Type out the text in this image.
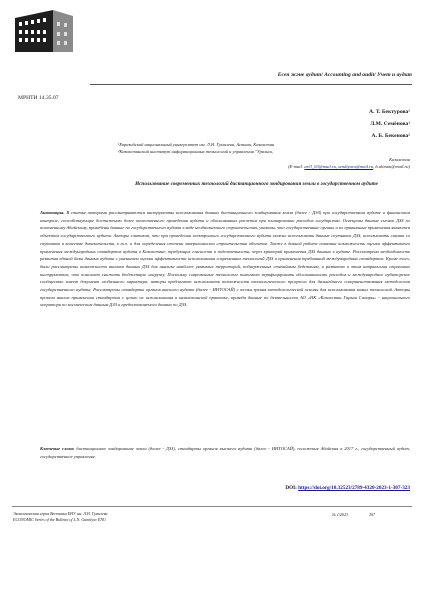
Есеп және аудит/ Accounting and audit/ Учет и аудит
МРНТИ 14.35.07
А. Т. Бектурова¹
Л.М. Семёнова¹
А. Б. Бекенова²
¹Евразийский национальный университет им. Л.Н. Гумилева, Астана, Казахстан
²Казахстанский институт информационных технологий и управления "Уральск,
Казахстан
(E-mail: ari3_03@mail.ru, sendiyara@mail.ru, b.aliman@mail.ru)
Использование современных технологий дистанционного зондирования земли в государственном аудите
Аннотация. В статье авторами рассматриваются инструменты использования данных дистанционного зондирования земли (далее - ДЗЗ) при государственном аудите и финансовом контроле, способствующие достижению более качественного проведения аудита и обоснованных расчетов при планировании расходов государства. Освещены данные съемок ДЗЗ по погашенному Абайскому, приведены данные по государственного аудита в виде неоднозначного строительства, указаны, что государственные органы и их правильные применения являются объектом государственного аудита. Авторы считают, что при проведении электронного государственного аудита можно использовать данные спутников ДЗЗ, использовать снимки со спутников в качестве доказательств, в т.ч. и для определения степени завершенности строительства объектов. Также в данной работе показана возможность оценки эффективного применения международных стандартов аудита в Казахстане, требующих гласности и подотчетности, через критерий применения ДЗЗ данных в аудите. Рассмотрена необходимость развития единой базы данных аудита с указанием оценки эффективности использования современных технологий ДЗЗ и применения требований международных стандартов. Кроме того, были рассмотрены возможности анализа данных ДЗЗ для анализа наиболее уязвимых территорий, подверженных стихийным бедствиям, и развитию в этом направлении страховых инструментов, что помогает снижать бюджетную нагрузку. Поскольку современные технологии помогают верифицировать обоснованность расходов и международное аудиторское сообщество имеет документ глобального характера, авторы предлагают использовать возможности технологического прогресса для дальнейшего совершенствования методологии государственного аудита. Рассмотрены стандарты органов высшего аудита (далее - ИНТОСАЙ) с точки зрения методологической основы для использования новых технологий. Авторы провели анализ применения стандартов с целью их использования в казахстанской практике, приведя данные по деятельности АО «НК «Казахстан Гарыш Сапары» - национального оператора по космическим данным ДЗЗ и предоставляемого данных по ДЗЗ.
Ключевые слова: дистанционное зондирование земли (далее - ДЗЗ), стандарты органов высшего аудита (далее - ИНТОСАЙ), положения Абайская в 2017 г., государственный аудит, государственное управление.
DOI: https://doi.org/10.32523/2789-4320-2023-1-307-323
Экономическая серия Вестника ЕНУ им. Л.Н. Гумилева
ECONOMIC Series of the Bulletin of L.N. Gumilyov ENU
№ 1/2023	307
